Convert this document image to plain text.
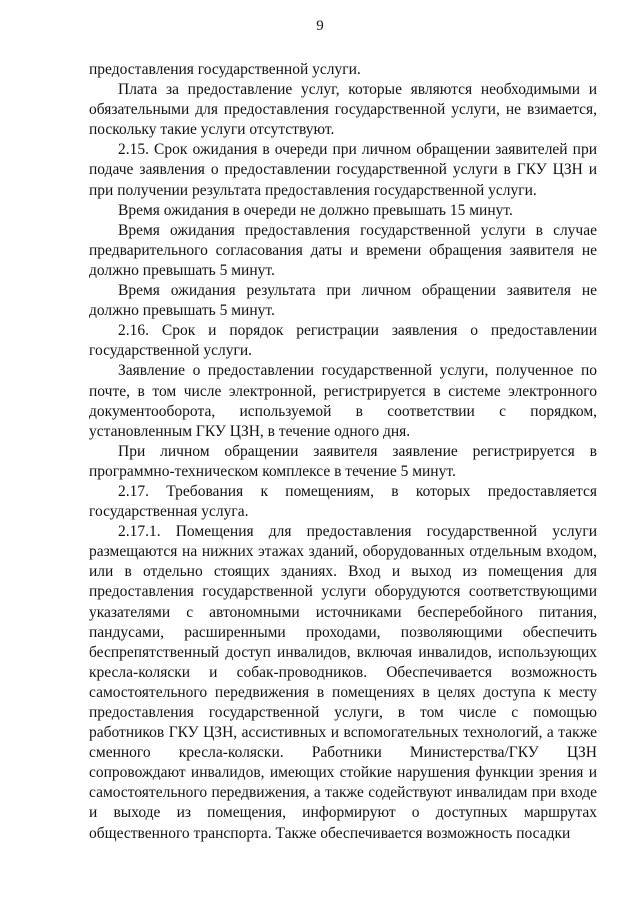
9

предоставления государственной услуги.

Плата за предоставление услуг, которые являются необходимыми и обязательными для предоставления государственной услуги, не взимается, поскольку такие услуги отсутствуют.

2.15. Срок ожидания в очереди при личном обращении заявителей при подаче заявления о предоставлении государственной услуги в ГКУ ЦЗН и при получении результата предоставления государственной услуги.

Время ожидания в очереди не должно превышать 15 минут.

Время ожидания предоставления государственной услуги в случае предварительного согласования даты и времени обращения заявителя не должно превышать 5 минут.

Время ожидания результата при личном обращении заявителя не должно превышать 5 минут.

2.16. Срок и порядок регистрации заявления о предоставлении государственной услуги.

Заявление о предоставлении государственной услуги, полученное по почте, в том числе электронной, регистрируется в системе электронного документооборота, используемой в соответствии с порядком, установленным ГКУ ЦЗН, в течение одного дня.

При личном обращении заявителя заявление регистрируется в программно-техническом комплексе в течение 5 минут.

2.17. Требования к помещениям, в которых предоставляется государственная услуга.

2.17.1. Помещения для предоставления государственной услуги размещаются на нижних этажах зданий, оборудованных отдельным входом, или в отдельно стоящих зданиях. Вход и выход из помещения для предоставления государственной услуги оборудуются соответствующими указателями с автономными источниками бесперебойного питания, пандусами, расширенными проходами, позволяющими обеспечить беспрепятственный доступ инвалидов, включая инвалидов, использующих кресла-коляски и собак-проводников. Обеспечивается возможность самостоятельного передвижения в помещениях в целях доступа к месту предоставления государственной услуги, в том числе с помощью работников ГКУ ЦЗН, ассистивных и вспомогательных технологий, а также сменного кресла-коляски. Работники Министерства/ГКУ ЦЗН сопровождают инвалидов, имеющих стойкие нарушения функции зрения и самостоятельного передвижения, а также содействуют инвалидам при входе и выходе из помещения, информируют о доступных маршрутах общественного транспорта. Также обеспечивается возможность посадки
